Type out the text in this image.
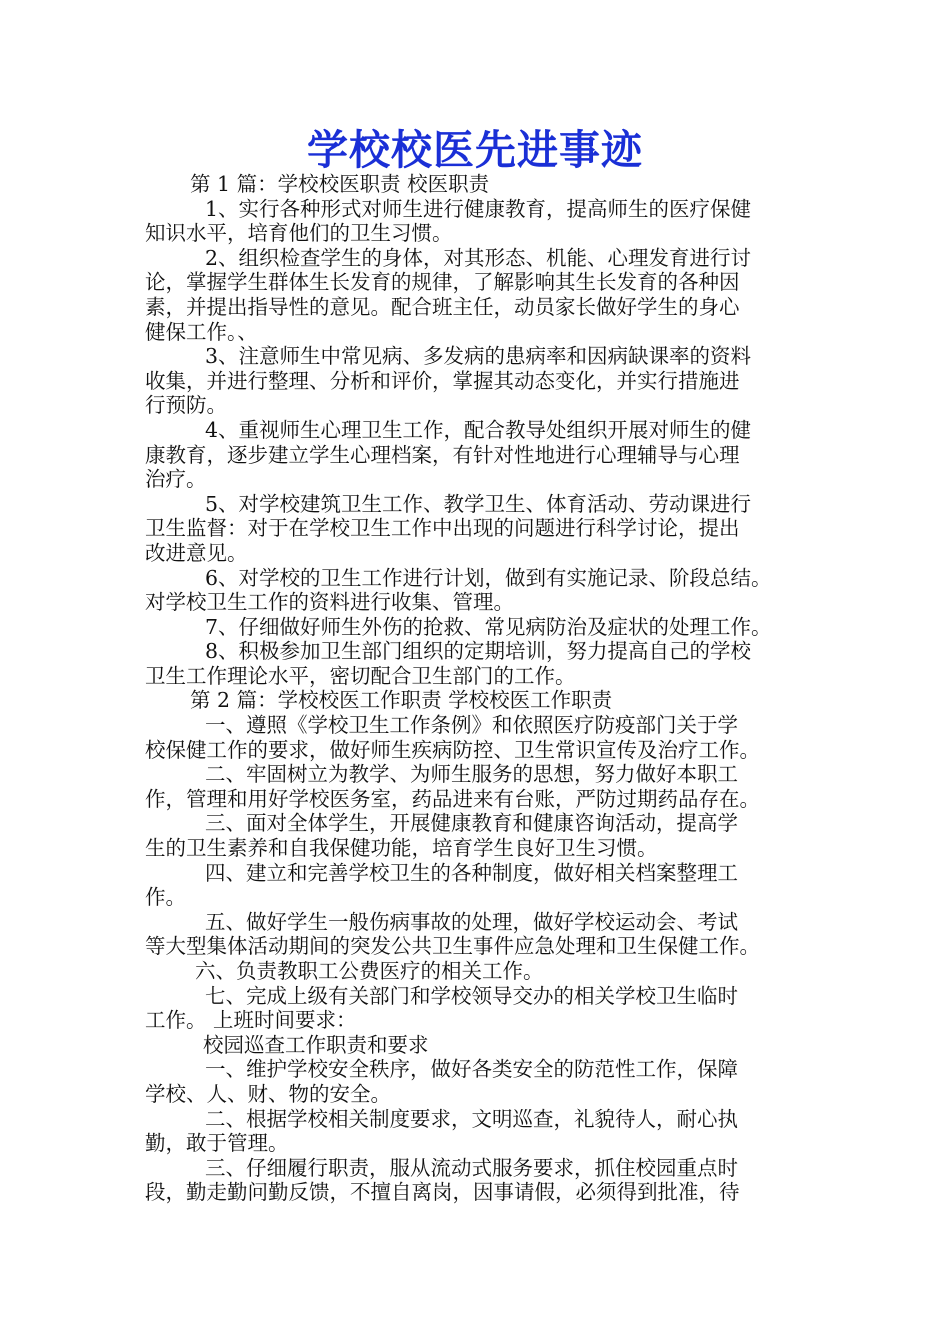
学校校医先进事迹
第 1 篇：学校校医职责 校医职责
1、实行各种形式对师生进行健康教育，提高师生的医疗保健
知识水平，培育他们的卫生习惯。
2、组织检查学生的身体，对其形态、机能、心理发育进行讨
论，掌握学生群体生长发育的规律，了解影响其生长发育的各种因
素，并提出指导性的意见。配合班主任，动员家长做好学生的身心
健保工作。、
3、注意师生中常见病、多发病的患病率和因病缺课率的资料
收集，并进行整理、分析和评价，掌握其动态变化，并实行措施进
行预防。
4、重视师生心理卫生工作，配合教导处组织开展对师生的健
康教育，逐步建立学生心理档案，有针对性地进行心理辅导与心理
治疗。
5、对学校建筑卫生工作、教学卫生、体育活动、劳动课进行
卫生监督：对于在学校卫生工作中出现的问题进行科学讨论，提出
改进意见。
6、对学校的卫生工作进行计划，做到有实施记录、阶段总结。
对学校卫生工作的资料进行收集、管理。
7、仔细做好师生外伤的抢救、常见病防治及症状的处理工作。
8、积极参加卫生部门组织的定期培训，努力提高自己的学校
卫生工作理论水平，密切配合卫生部门的工作。
第 2 篇：学校校医工作职责 学校校医工作职责
一、遵照《学校卫生工作条例》和依照医疗防疫部门关于学
校保健工作的要求，做好师生疾病防控、卫生常识宣传及治疗工作。
二、牢固树立为教学、为师生服务的思想，努力做好本职工
作，管理和用好学校医务室，药品进来有台账，严防过期药品存在。
三、面对全体学生，开展健康教育和健康咨询活动，提高学
生的卫生素养和自我保健功能，培育学生良好卫生习惯。
四、建立和完善学校卫生的各种制度，做好相关档案整理工
作。
五、做好学生一般伤病事故的处理，做好学校运动会、考试
等大型集体活动期间的突发公共卫生事件应急处理和卫生保健工作。
六、负责教职工公费医疗的相关工作。
七、完成上级有关部门和学校领导交办的相关学校卫生临时
工作。 上班时间要求：
校园巡查工作职责和要求
一、维护学校安全秩序，做好各类安全的防范性工作，保障
学校、人、财、物的安全。
二、根据学校相关制度要求，文明巡查，礼貌待人，耐心执
勤，敢于管理。
三、仔细履行职责，服从流动式服务要求，抓住校园重点时
段，勤走勤问勤反馈，不擅自离岗，因事请假，必须得到批准，待
